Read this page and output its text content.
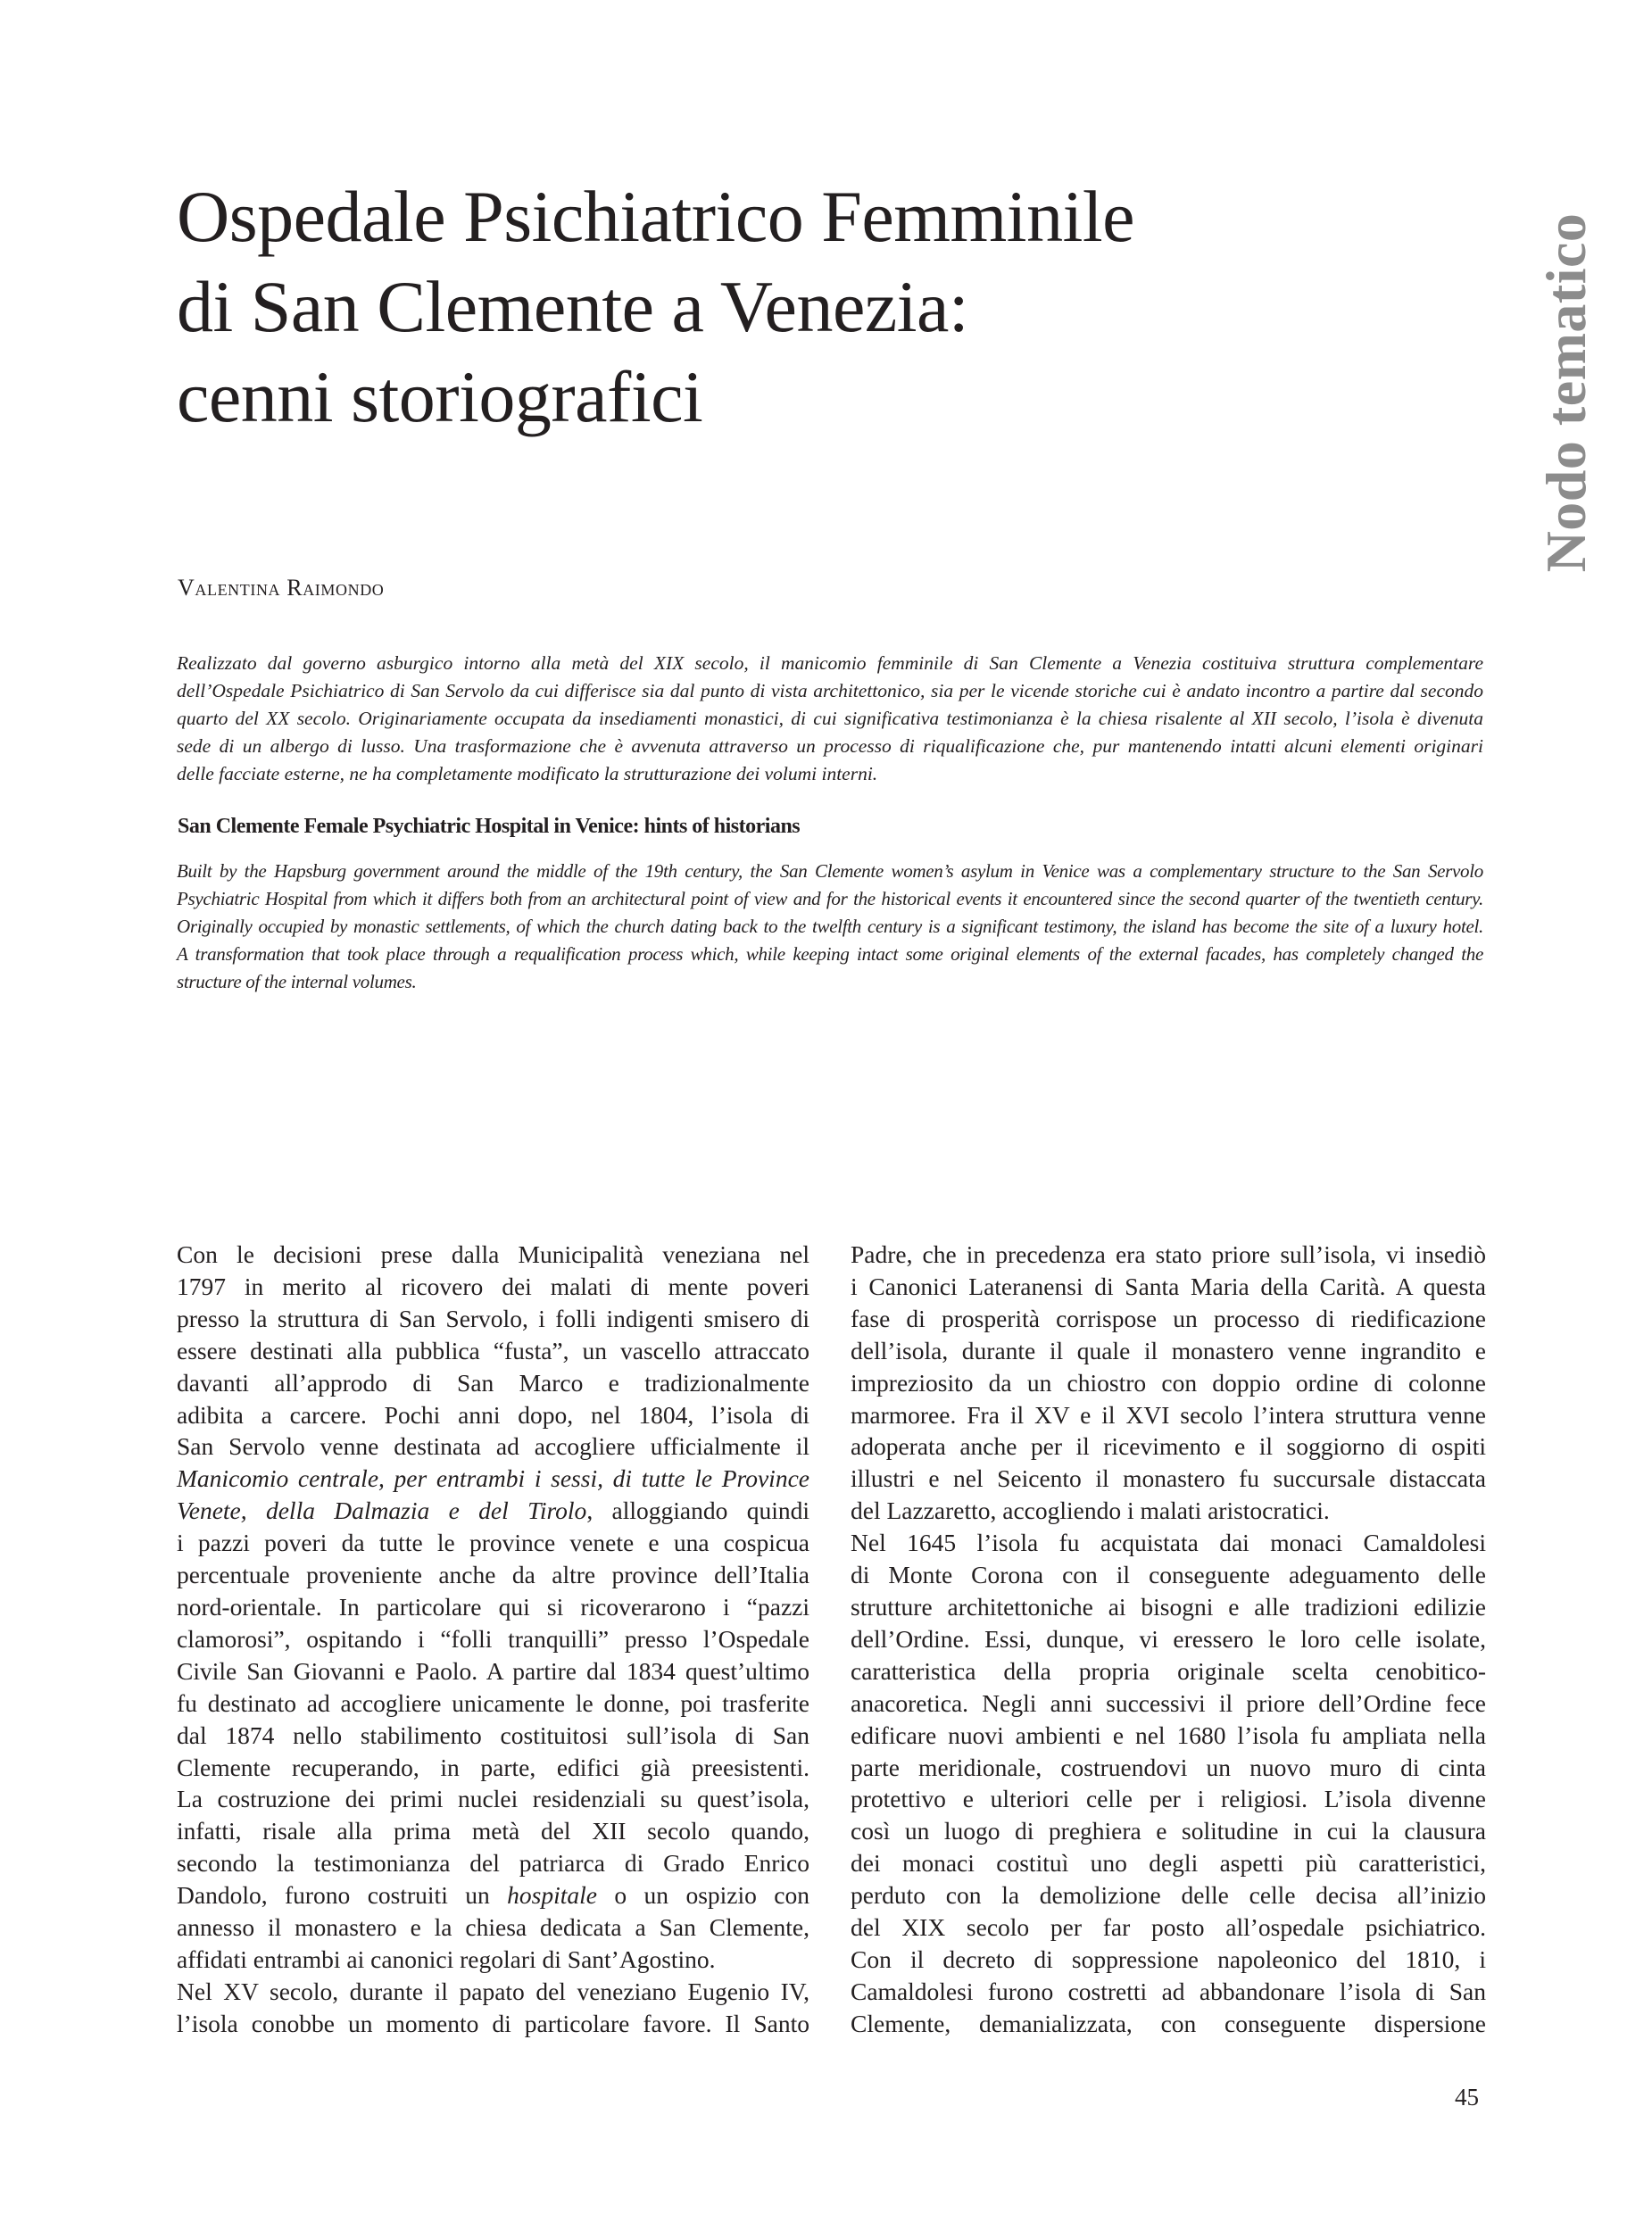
Ospedale Psichiatrico Femminile
di San Clemente a Venezia:
cenni storiografici	Nodo tematico
Valentina Raimondo
Realizzato dal governo asburgico intorno alla metà del XIX secolo, il manicomio femminile di San Clemente a Venezia costituiva struttura complementare
dell’Ospedale Psichiatrico di San Servolo da cui differisce sia dal punto di vista architettonico, sia per le vicende storiche cui è andato incontro a partire dal secondo
quarto del XX secolo. Originariamente occupata da insediamenti monastici, di cui significativa testimonianza è la chiesa risalente al XII secolo, l’isola è divenuta
sede di un albergo di lusso. Una trasformazione che è avvenuta attraverso un processo di riqualificazione che, pur mantenendo intatti alcuni elementi originari
delle facciate esterne, ne ha completamente modificato la strutturazione dei volumi interni.
San Clemente Female Psychiatric Hospital in Venice: hints of historians
Built by the Hapsburg government around the middle of the 19th century, the San Clemente women’s asylum in Venice was a complementary structure to the San Servolo
Psychiatric Hospital from which it differs both from an architectural point of view and for the historical events it encountered since the second quarter of the twentieth century.
Originally occupied by monastic settlements, of which the church dating back to the twelfth century is a significant testimony, the island has become the site of a luxury hotel.
A transformation that took place through a requalification process which, while keeping intact some original elements of the external facades, has completely changed the
structure of the internal volumes.
Con le decisioni prese dalla Municipalità veneziana nel
1797 in merito al ricovero dei malati di mente poveri
presso la struttura di San Servolo, i folli indigenti smisero di
essere destinati alla pubblica “fusta”, un vascello attraccato
davanti all’approdo di San Marco e tradizionalmente
adibita a carcere. Pochi anni dopo, nel 1804, l’isola di
San Servolo venne destinata ad accogliere ufficialmente il
Manicomio centrale, per entrambi i sessi, di tutte le Province
Venete, della Dalmazia e del Tirolo, alloggiando quindi
i pazzi poveri da tutte le province venete e una cospicua
percentuale proveniente anche da altre province dell’Italia
nord-orientale. In particolare qui si ricoverarono i “pazzi
clamorosi”, ospitando i “folli tranquilli” presso l’Ospedale
Civile San Giovanni e Paolo. A partire dal 1834 quest’ultimo
fu destinato ad accogliere unicamente le donne, poi trasferite
dal 1874 nello stabilimento costituitosi sull’isola di San
Clemente recuperando, in parte, edifici già preesistenti.
La costruzione dei primi nuclei residenziali su quest’isola,
infatti, risale alla prima metà del XII secolo quando,
secondo la testimonianza del patriarca di Grado Enrico
Dandolo, furono costruiti un hospitale o un ospizio con
annesso il monastero e la chiesa dedicata a San Clemente,
affidati entrambi ai canonici regolari di Sant’Agostino.
Nel XV secolo, durante il papato del veneziano Eugenio IV,
l’isola conobbe un momento di particolare favore. Il Santo
Padre, che in precedenza era stato priore sull’isola, vi insediò
i Canonici Lateranensi di Santa Maria della Carità. A questa
fase di prosperità corrispose un processo di riedificazione
dell’isola, durante il quale il monastero venne ingrandito e
impreziosito da un chiostro con doppio ordine di colonne
marmoree. Fra il XV e il XVI secolo l’intera struttura venne
adoperata anche per il ricevimento e il soggiorno di ospiti
illustri e nel Seicento il monastero fu succursale distaccata
del Lazzaretto, accogliendo i malati aristocratici.
Nel 1645 l’isola fu acquistata dai monaci Camaldolesi
di Monte Corona con il conseguente adeguamento delle
strutture architettoniche ai bisogni e alle tradizioni edilizie
dell’Ordine. Essi, dunque, vi eressero le loro celle isolate,
caratteristica della propria originale scelta cenobitico-
anacoretica. Negli anni successivi il priore dell’Ordine fece
edificare nuovi ambienti e nel 1680 l’isola fu ampliata nella
parte meridionale, costruendovi un nuovo muro di cinta
protettivo e ulteriori celle per i religiosi. L’isola divenne
così un luogo di preghiera e solitudine in cui la clausura
dei monaci costituì uno degli aspetti più caratteristici,
perduto con la demolizione delle celle decisa all’inizio
del XIX secolo per far posto all’ospedale psichiatrico.
Con il decreto di soppressione napoleonico del 1810, i
Camaldolesi furono costretti ad abbandonare l’isola di San
Clemente, demanializzata, con conseguente dispersione
45
